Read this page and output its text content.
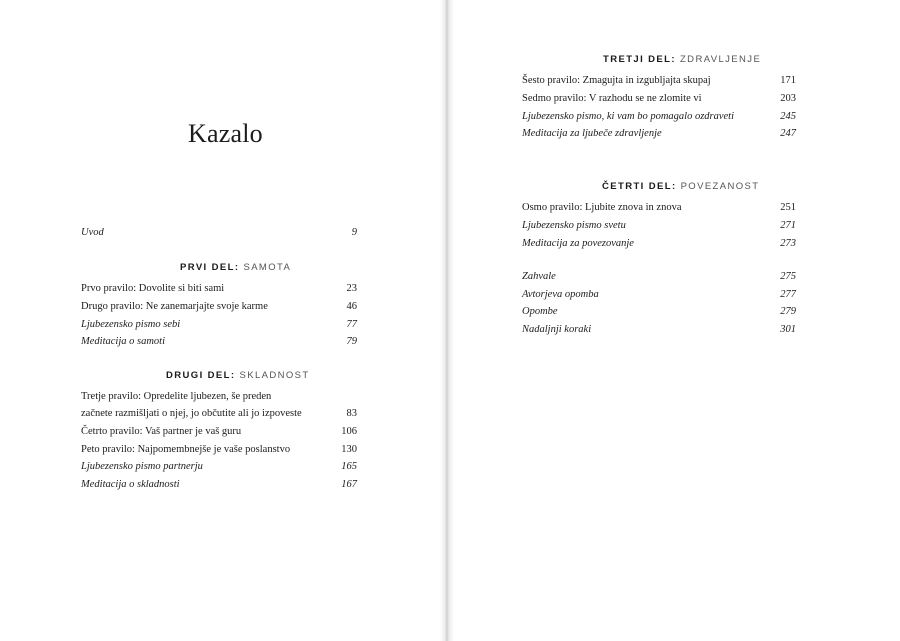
Kazalo
Uvod	9
PRVI DEL: SAMOTA
Prvo pravilo: Dovolite si biti sami	23
Drugo pravilo: Ne zanemarjajte svoje karme	46
Ljubezensko pismo sebi	77
Meditacija o samoti	79
DRUGI DEL: SKLADNOST
Tretje pravilo: Opredelite ljubezen, še preden
začnete razmišljati o njej, jo občutite ali jo izpoveste	83
Četrto pravilo: Vaš partner je vaš guru	106
Peto pravilo: Najpomembnejše je vaše poslanstvo	130
Ljubezensko pismo partnerju	165
Meditacija o skladnosti	167
TRETJI DEL: ZDRAVLJENJE
Šesto pravilo: Zmagujta in izgubljajta skupaj	171
Sedmo pravilo: V razhodu se ne zlomite vi	203
Ljubezensko pismo, ki vam bo pomagalo ozdraveti	245
Meditacija za ljubeče zdravljenje	247
ČETRTI DEL: POVEZANOST
Osmo pravilo: Ljubite znova in znova	251
Ljubezensko pismo svetu	271
Meditacija za povezovanje	273
Zahvale	275
Avtorjeva opomba	277
Opombe	279
Nadaljnji koraki	301
